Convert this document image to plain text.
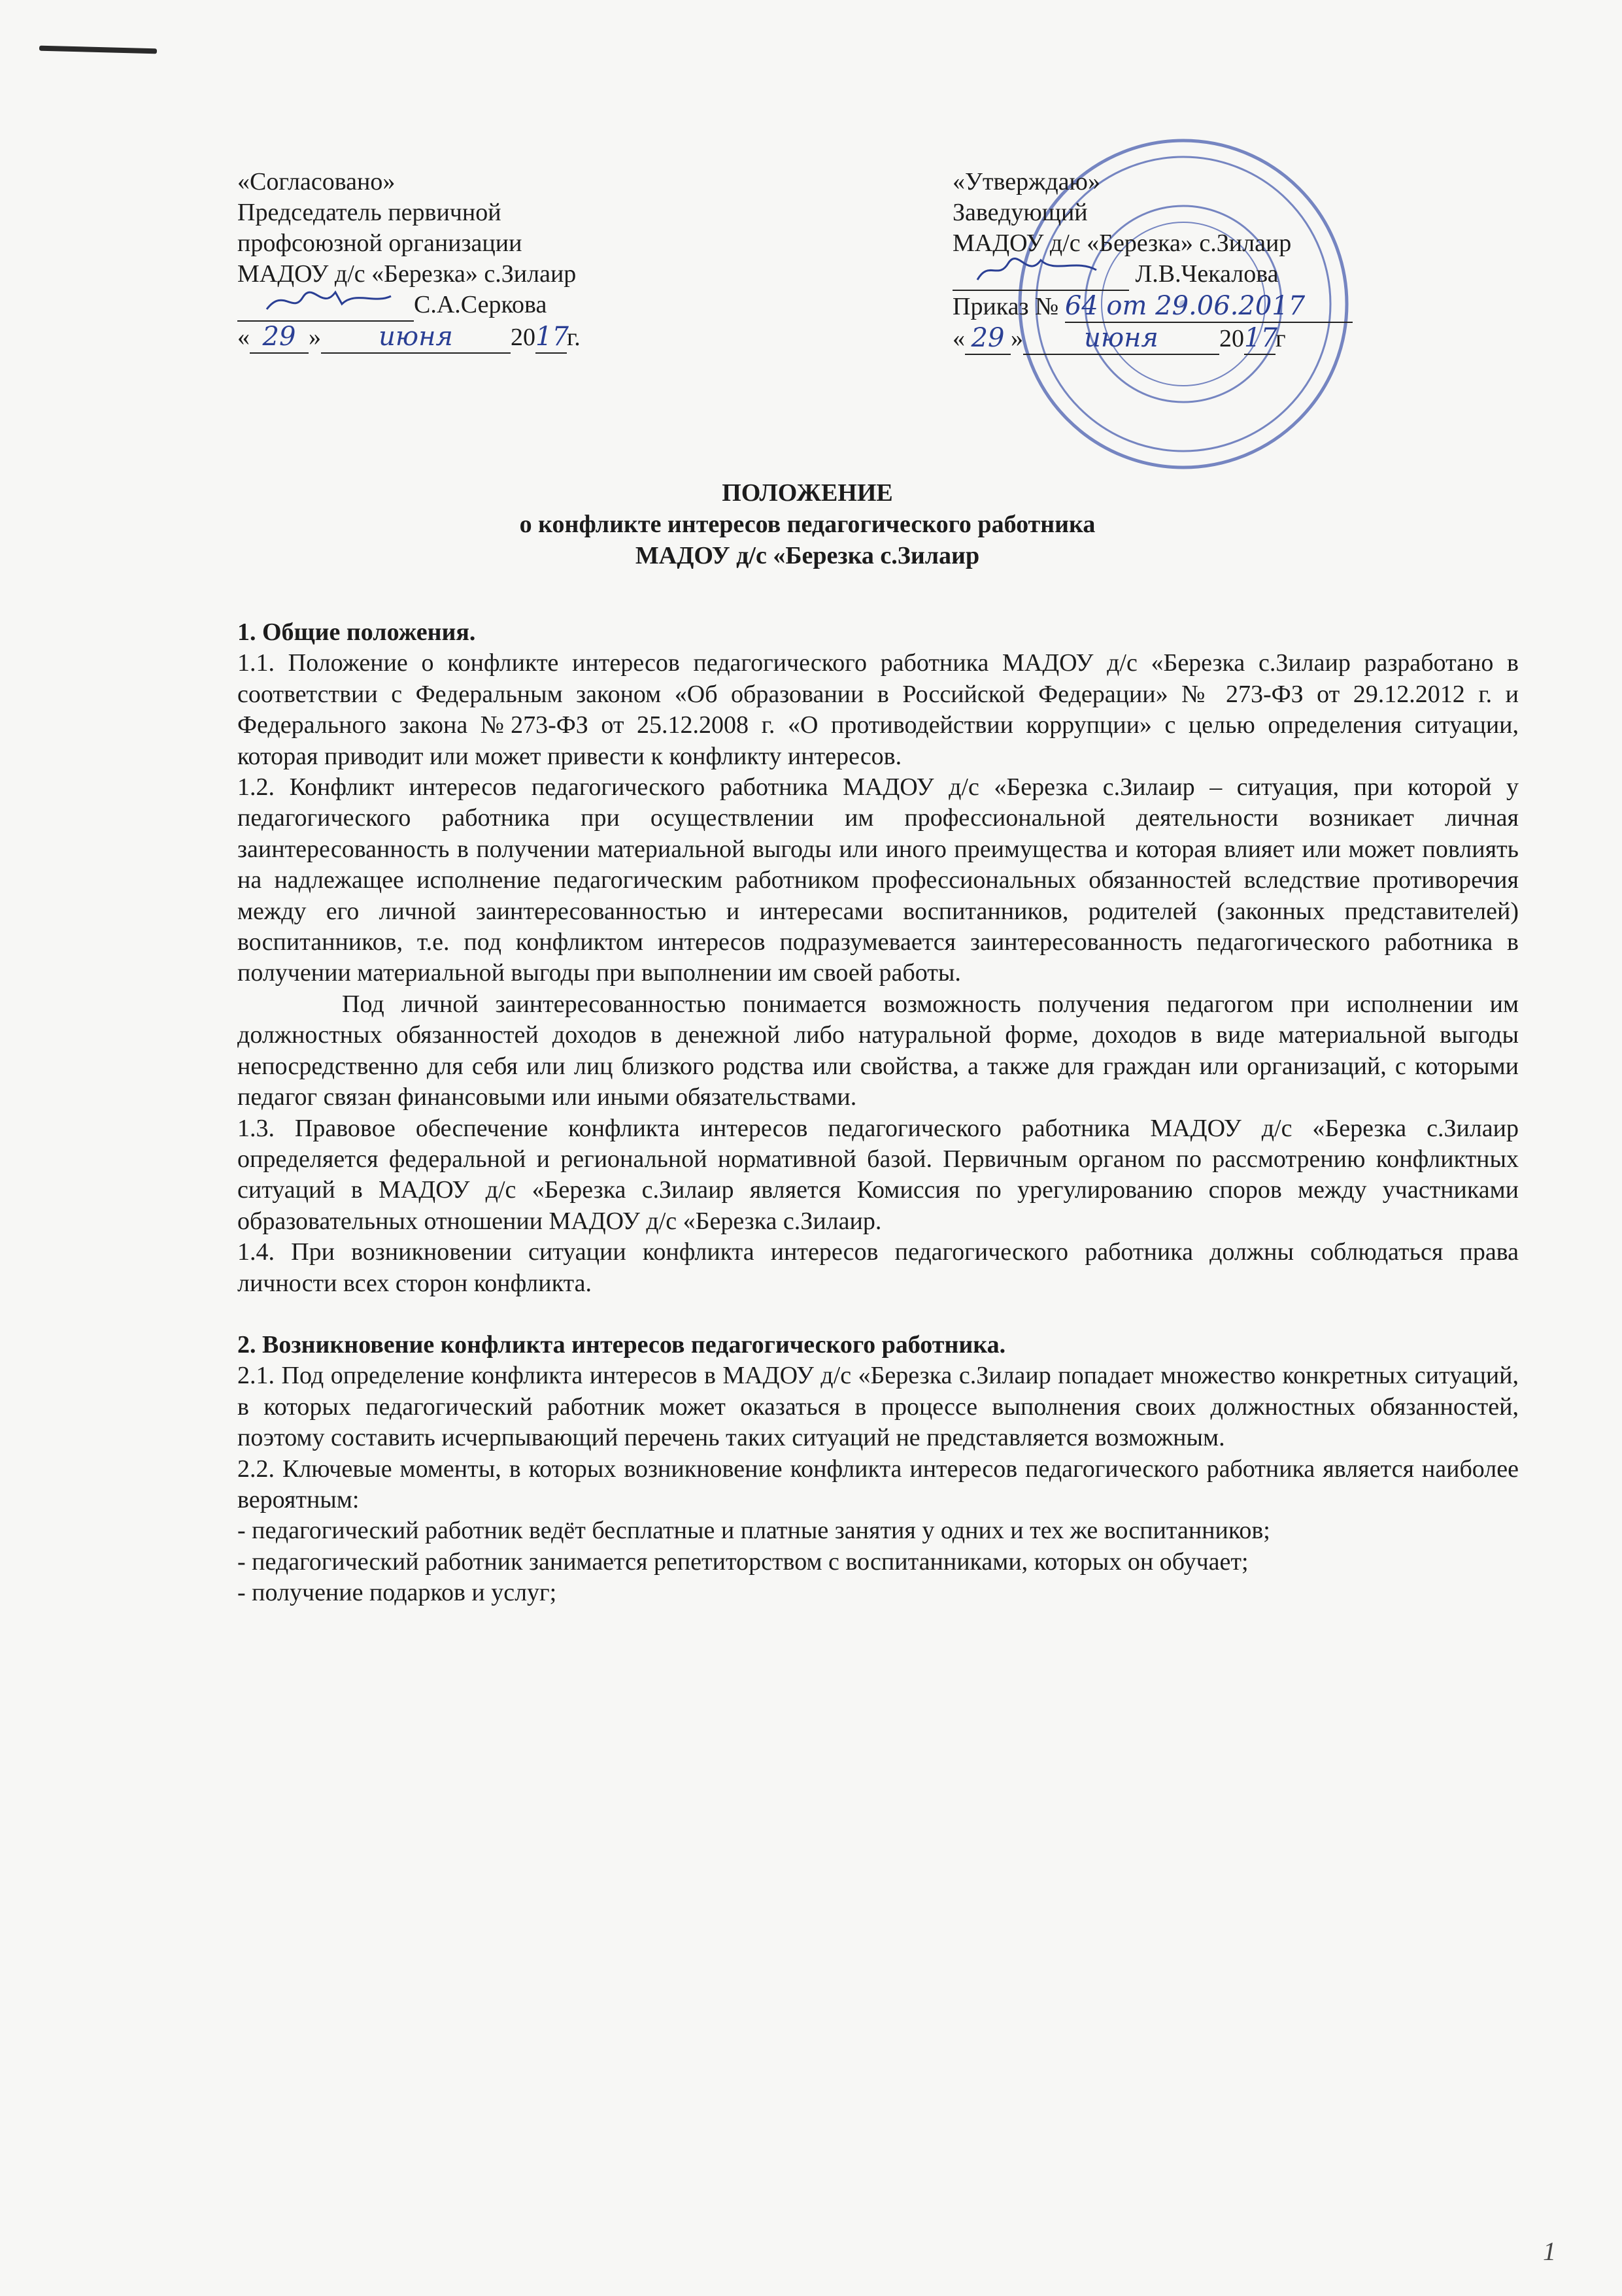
«Согласовано»
Председатель первичной
профсоюзной организации
МАДОУ д/с «Березка» с.Зилаир
С.А.Серкова
« 29 » июня 2017г.
«Утверждаю»
Заведующий
МАДОУ д/с «Березка» с.Зилаир
Л.В.Чекалова
Приказ № 64 от 29.06.2017
« 29 » июня 2017г
ПОЛОЖЕНИЕ
о конфликте интересов педагогического работника
МАДОУ д/с «Березка с.Зилаир

1. Общие положения.

1.1. Положение о конфликте интересов педагогического работника МАДОУ д/с «Березка с.Зилаир разработано в соответствии с Федеральным законом «Об образовании в Российской Федерации» № 273-ФЗ от 29.12.2012 г. и Федерального закона №273-ФЗ от 25.12.2008 г. «О противодействии коррупции» с целью определения ситуации, которая приводит или может привести к конфликту интересов.

1.2. Конфликт интересов педагогического работника МАДОУ д/с «Березка с.Зилаир – ситуация, при которой у педагогического работника при осуществлении им профессиональной деятельности возникает личная заинтересованность в получении материальной выгоды или иного преимущества и которая влияет или может повлиять на надлежащее исполнение педагогическим работником профессиональных обязанностей вследствие противоречия между его личной заинтересованностью и интересами воспитанников, родителей (законных представителей) воспитанников, т.е. под конфликтом интересов подразумевается заинтересованность педагогического работника в получении материальной выгоды при выполнении им своей работы.

Под личной заинтересованностью понимается возможность получения педагогом при исполнении им должностных обязанностей доходов в денежной либо натуральной форме, доходов в виде материальной выгоды непосредственно для себя или лиц близкого родства или свойства, а также для граждан или организаций, с которыми педагог связан финансовыми или иными обязательствами.

1.3. Правовое обеспечение конфликта интересов педагогического работника МАДОУ д/с «Березка с.Зилаир определяется федеральной и региональной нормативной базой. Первичным органом по рассмотрению конфликтных ситуаций в МАДОУ д/с «Березка с.Зилаир является Комиссия по урегулированию споров между участниками образовательных отношении МАДОУ д/с «Березка с.Зилаир.

1.4. При возникновении ситуации конфликта интересов педагогического работника должны соблюдаться права личности всех сторон конфликта.

2. Возникновение конфликта интересов педагогического работника.

2.1. Под определение конфликта интересов в МАДОУ д/с «Березка с.Зилаир попадает множество конкретных ситуаций, в которых педагогический работник может оказаться в процессе выполнения своих должностных обязанностей, поэтому составить исчерпывающий перечень таких ситуаций не представляется возможным.

2.2. Ключевые моменты, в которых возникновение конфликта интересов педагогического работника является наиболее вероятным:

- педагогический работник ведёт бесплатные и платные занятия у одних и тех же воспитанников;

- педагогический работник занимается репетиторством с воспитанниками, которых он обучает;

- получение подарков и услуг;

1
